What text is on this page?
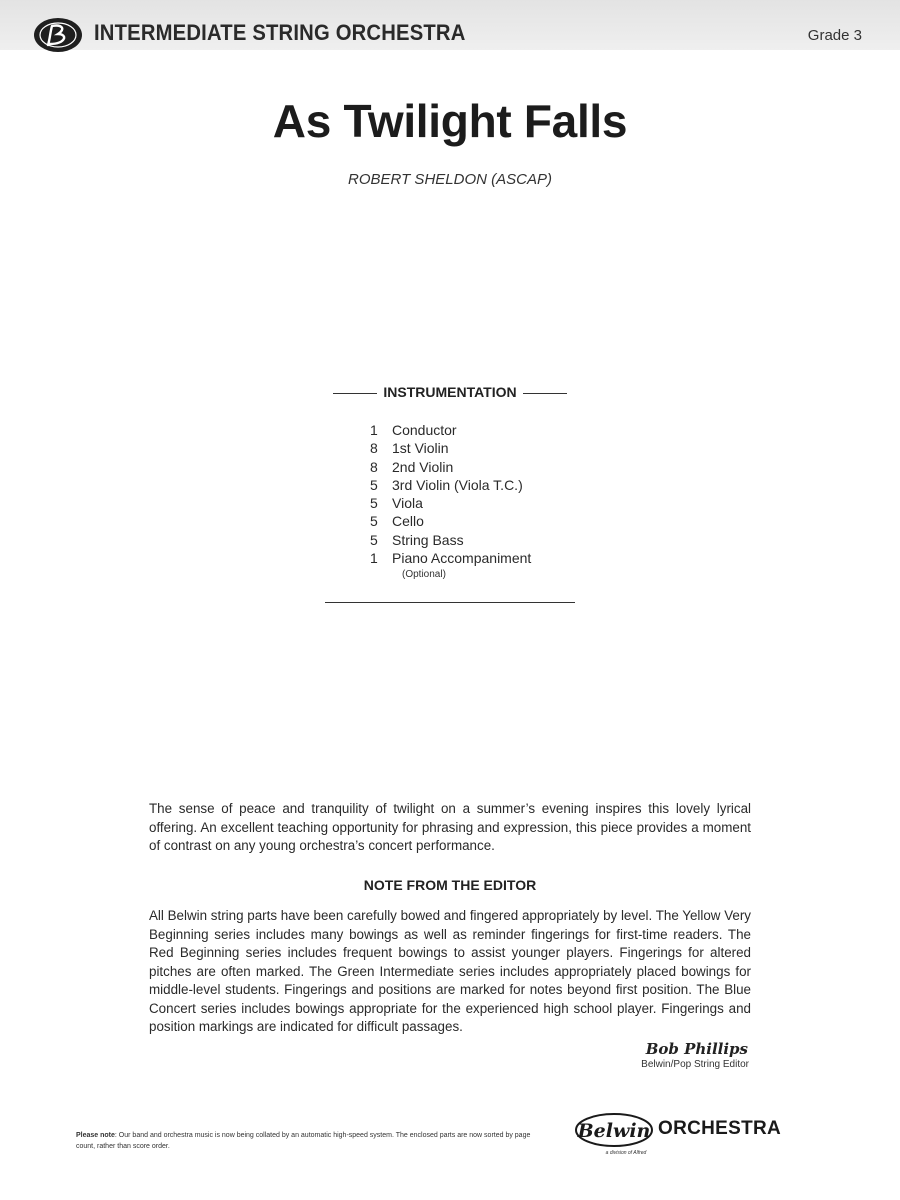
INTERMEDIATE STRING ORCHESTRA	Grade 3
As Twilight Falls
ROBERT SHELDON (ASCAP)
INSTRUMENTATION
1 Conductor
8 1st Violin
8 2nd Violin
5 3rd Violin (Viola T.C.)
5 Viola
5 Cello
5 String Bass
1 Piano Accompaniment
(Optional)

The sense of peace and tranquility of twilight on a summer’s evening inspires this lovely lyrical offering. An excellent teaching opportunity for phrasing and expression, this piece provides a moment of contrast on any young orchestra’s concert performance.

NOTE FROM THE EDITOR

All Belwin string parts have been carefully bowed and fingered appropriately by level. The Yellow Very Beginning series includes many bowings as well as reminder fingerings for first-time readers. The Red Beginning series includes frequent bowings to assist younger players. Fingerings for altered pitches are often marked. The Green Intermediate series includes appropriately placed bowings for middle-level students. Fingerings and positions are marked for notes beyond first position. The Blue Concert series includes bowings appropriate for the experienced high school player. Fingerings and position markings are indicated for difficult passages.

Bob Phillips
Belwin/Pop String Editor
Please note: Our band and orchestra music is now being collated by an automatic high-speed system. The enclosed parts are now sorted by page count, rather than score order.
Belwin
a division of Alfred
ORCHESTRA
